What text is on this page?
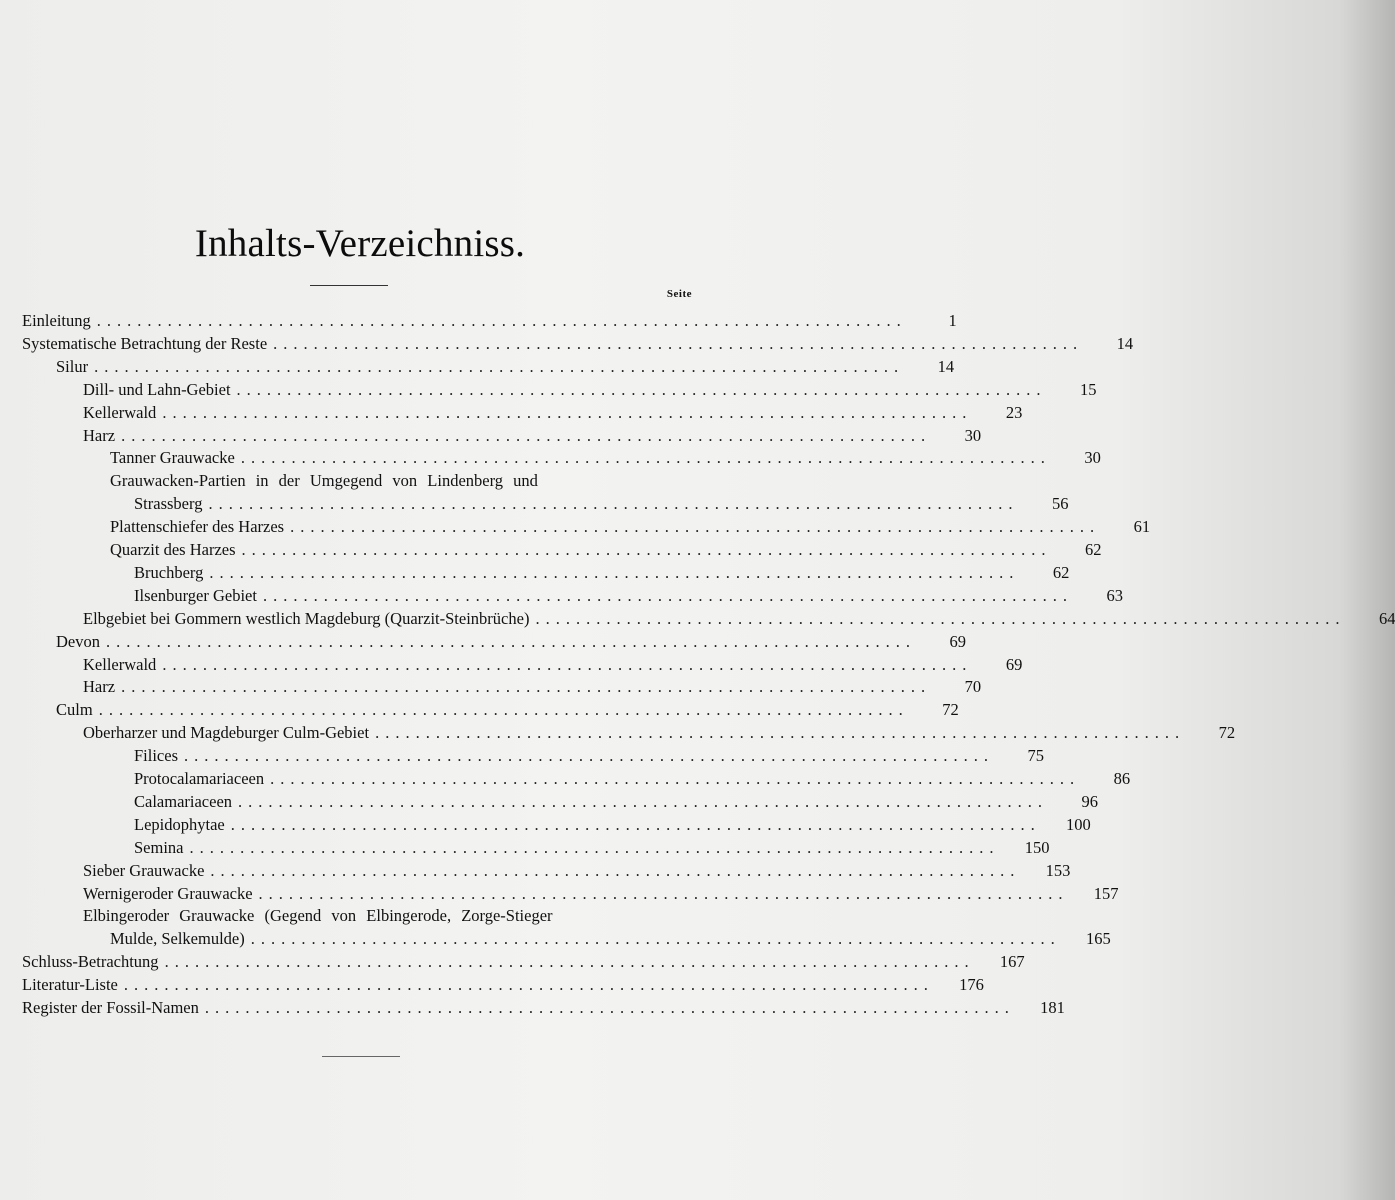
Inhalts-Verzeichniss.
Seite
Einleitung ................................................................................	1
Systematische Betrachtung der Reste ................................................................................	14
Silur ................................................................................	14
Dill- und Lahn-Gebiet ................................................................................	15
Kellerwald ................................................................................	23
Harz ................................................................................	30
Tanner Grauwacke ................................................................................	30
Grauwacken-Partien in der Umgegend von Lindenberg und
Strassberg ................................................................................	56
Plattenschiefer des Harzes ................................................................................	61
Quarzit des Harzes ................................................................................	62
Bruchberg ................................................................................	62
Ilsenburger Gebiet ................................................................................	63
Elbgebiet bei Gommern westlich Magdeburg (Quarzit-Steinbrüche) ................................................................................	64
Devon ................................................................................	69
Kellerwald ................................................................................	69
Harz ................................................................................	70
Culm ................................................................................	72
Oberharzer und Magdeburger Culm-Gebiet ................................................................................	72
Filices ................................................................................	75
Protocalamariaceen ................................................................................	86
Calamariaceen ................................................................................	96
Lepidophytae ................................................................................	100
Semina ................................................................................	150
Sieber Grauwacke ................................................................................	153
Wernigeroder Grauwacke ................................................................................	157
Elbingeroder Grauwacke (Gegend von Elbingerode, Zorge-Stieger
Mulde, Selkemulde) ................................................................................	165
Schluss-Betrachtung ................................................................................	167
Literatur-Liste ................................................................................	176
Register der Fossil-Namen ................................................................................	181
